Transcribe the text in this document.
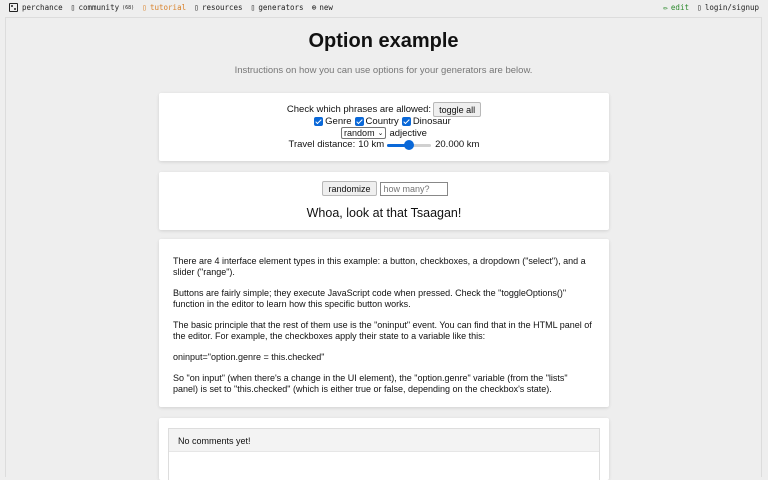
perchance ▯ community (68) ▯ tutorial ▯ resources ▯ generators ⊕ new	✏ edit ▯ login/signup
Option example
Instructions on how you can use options for your generators are below.
Check which phrases are allowed: toggle all
Genre Country Dinosaur
random ⌄ adjective
Travel distance: 10 km	20.000 km
randomize
how many?
Whoa, look at that Tsaagan!

There are 4 interface element types in this example: a button, checkboxes, a dropdown ("select"), and a slider ("range").

Buttons are fairly simple; they execute JavaScript code when pressed. Check the "toggleOptions()" function in the editor to learn how this specific button works.

The basic principle that the rest of them use is the "oninput" event. You can find that in the HTML panel of the editor. For example, the checkboxes apply their state to a variable like this:

oninput="option.genre = this.checked"

So "on input" (when there's a change in the UI element), the "option.genre" variable (from the "lists" panel) is set to "this.checked" (which is either true or false, depending on the checkbox's state).

No comments yet!
